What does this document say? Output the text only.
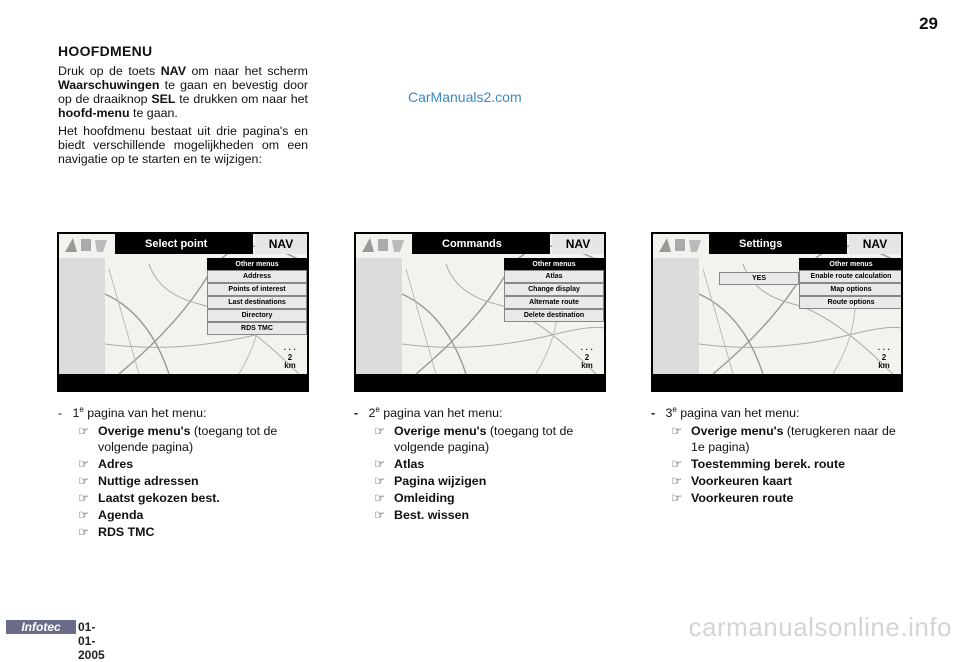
29
HOOFDMENU

Druk op de toets NAV om naar het scherm Waarschuwingen te gaan en bevestig door op de draaiknop SEL te drukken om naar het hoofd-menu te gaan.

Het hoofdmenu bestaat uit drie pagina's en biedt verschillende mogelijkheden om een navigatie op te starten en te wijzigen:

CarManuals2.com
Select point	NAV
Other menus
Address
Points of interest
Last destinations
Directory
RDS TMC
· · ·
2
km
Commands	NAV
Other menus
Atlas
Change display
Alternate route
Delete destination
· · ·
2
km
Settings	NAV
Other menus
Enable route calculation
Map options
Route options
YES
· · ·
2
km

- 1e pagina van het menu:

☞ Overige menu's (toegang tot de volgende pagina)
☞ Adres
☞ Nuttige adressen
☞ Laatst gekozen best.
☞ Agenda
☞ RDS TMC

- 2e pagina van het menu:

☞ Overige menu's (toegang tot de volgende pagina)
☞ Atlas
☞ Pagina wijzigen
☞ Omleiding
☞ Best. wissen

- 3e pagina van het menu:

☞ Overige menu's (terugkeren naar de 1e pagina)
☞ Toestemming berek. route
☞ Voorkeuren kaart
☞ Voorkeuren route
Infotec	01-01-2005
carmanualsonline.info
